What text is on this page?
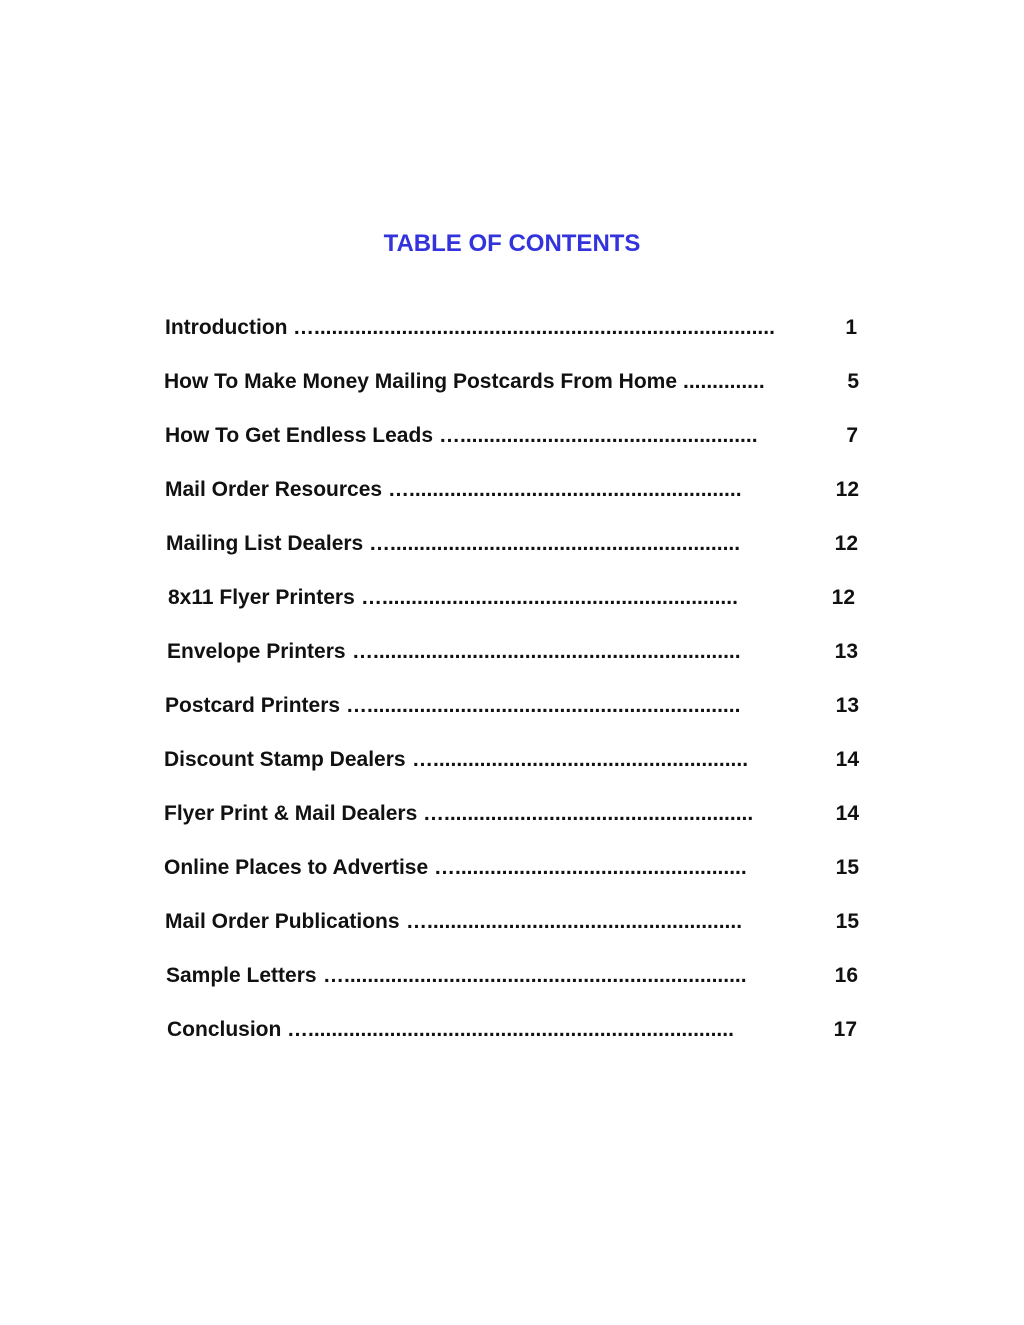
TABLE OF CONTENTS
Introduction …...............................................................................	1
How To Make Money Mailing Postcards From Home ..............	5
How To Get Endless Leads …...................................................	7
Mail Order Resources ….........................................................	12
Mailing List Dealers …............................................................	12
8x11 Flyer Printers ….............................................................	12
Envelope Printers …...............................................................	13
Postcard Printers …................................................................	13
Discount Stamp Dealers …......................................................	14
Flyer Print & Mail Dealers ….....................................................	14
Online Places to Advertise …..................................................	15
Mail Order Publications …......................................................	15
Sample Letters ….....................................................................	16
Conclusion ….........................................................................	17
